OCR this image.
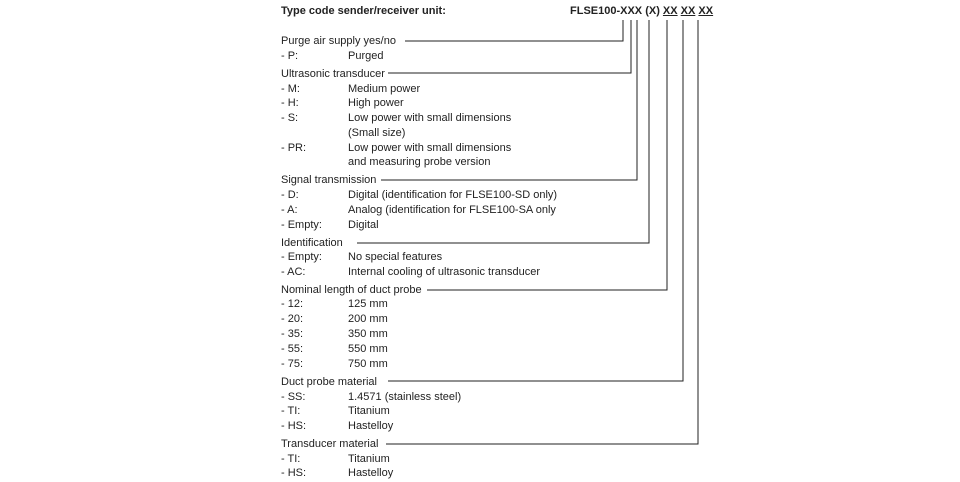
Type code sender/receiver unit:	FLSE100-XXX (X) XX XX XX
Purge air supply yes/no
- P:	Purged
Ultrasonic transducer
- M:	Medium power
- H:	High power
- S:	Low power with small dimensions
(Small size)
- PR:	Low power with small dimensions
and measuring probe version
Signal transmission
- D:	Digital (identification for FLSE100-SD only)
- A:	Analog (identification for FLSE100-SA only
- Empty: Digital
Identification
- Empty: No special features
- AC:	Internal cooling of ultrasonic transducer
Nominal length of duct probe
- 12:	125 mm
- 20:	200 mm
- 35:	350 mm
- 55:	550 mm
- 75:	750 mm
Duct probe material
- SS:	1.4571 (stainless steel)
- TI:	Titanium
- HS:	Hastelloy
Transducer material
- TI:	Titanium
- HS:	Hastelloy
